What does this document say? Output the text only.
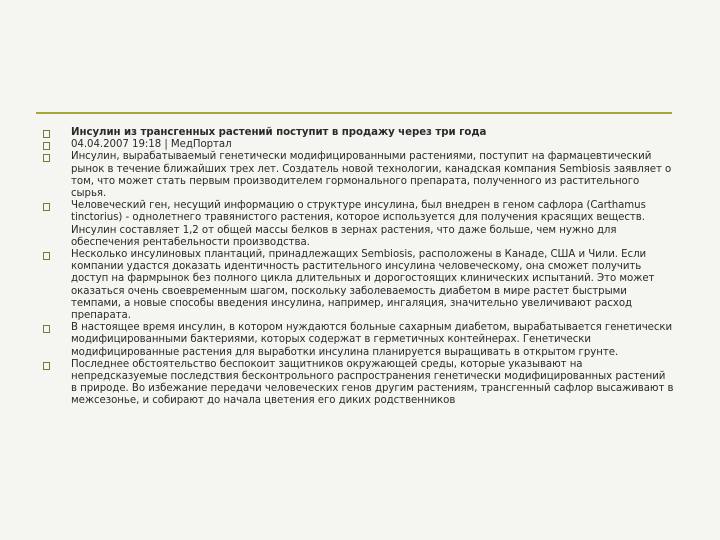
Инсулин из трансгенных растений поступит в продажу через три года
04.04.2007 19:18 | МедПортал
Инсулин, вырабатываемый генетически модифицированными растениями, поступит на фармацевтический рынок в течение ближайших трех лет. Создатель новой технологии, канадская компания Sembiosis заявляет о том, что может стать первым производителем гормонального препарата, полученного из растительного сырья.
Человеческий ген, несущий информацию о структуре инсулина, был внедрен в геном сафлора (Carthamus tinctorius) - однолетнего травянистого растения, которое используется для получения красящих веществ. Инсулин составляет 1,2 от общей массы белков в зернах растения, что даже больше, чем нужно для обеспечения рентабельности производства.
Несколько инсулиновых плантаций, принадлежащих Sembiosis, расположены в Канаде, США и Чили. Если компании удастся доказать идентичность растительного инсулина человеческому, она сможет получить доступ на фармрынок без полного цикла длительных и дорогостоящих клинических испытаний. Это может оказаться очень своевременным шагом, поскольку заболеваемость диабетом в мире растет быстрыми темпами, а новые способы введения инсулина, например, ингаляция, значительно увеличивают расход препарата.
В настоящее время инсулин, в котором нуждаются больные сахарным диабетом, вырабатывается генетически модифицированными бактериями, которых содержат в герметичных контейнерах. Генетически модифицированные растения для выработки инсулина планируется выращивать в открытом грунте.
Последнее обстоятельство беспокоит защитников окружающей среды, которые указывают на непредсказуемые последствия бесконтрольного распространения генетически модифицированных растений в природе. Во избежание передачи человеческих генов другим растениям, трансгенный сафлор высаживают в межсезонье, и собирают до начала цветения его диких родственников
